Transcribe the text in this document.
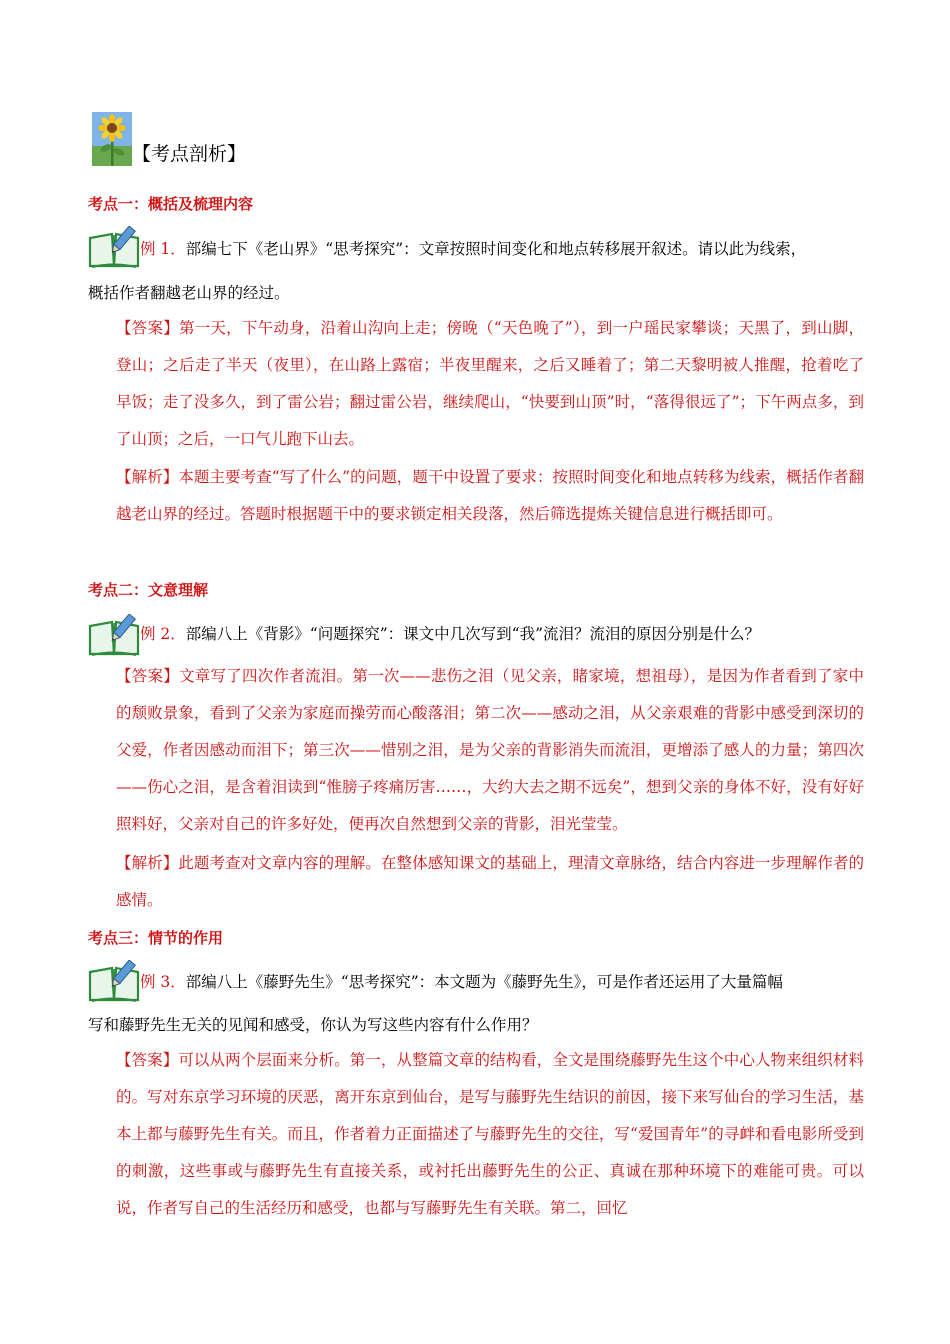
【考点剖析】
考点一：概括及梳理内容
例 1．部编七下《老山界》“思考探究”：文章按照时间变化和地点转移展开叙述。请以此为线索，
概括作者翻越老山界的经过。
【答案】第一天，下午动身，沿着山沟向上走；傍晚（“天色晚了”），到一户瑶民家攀谈；天黑了，到山脚，登山；之后走了半天（夜里），在山路上露宿；半夜里醒来，之后又睡着了；第二天黎明被人推醒，抢着吃了早饭；走了没多久，到了雷公岩；翻过雷公岩，继续爬山，“快要到山顶”时，“落得很远了”；下午两点多，到了山顶；之后，一口气儿跑下山去。
【解析】本题主要考查“写了什么”的问题，题干中设置了要求：按照时间变化和地点转移为线索，概括作者翻越老山界的经过。答题时根据题干中的要求锁定相关段落，然后筛选提炼关键信息进行概括即可。
考点二：文意理解
例 2．部编八上《背影》“问题探究”：课文中几次写到“我”流泪？流泪的原因分别是什么？
【答案】文章写了四次作者流泪。第一次——悲伤之泪（见父亲，睹家境，想祖母），是因为作者看到了家中的颓败景象，看到了父亲为家庭而操劳而心酸落泪；第二次——感动之泪，从父亲艰难的背影中感受到深切的父爱，作者因感动而泪下；第三次——惜别之泪，是为父亲的背影消失而流泪，更增添了感人的力量；第四次——伤心之泪，是含着泪读到“惟膀子疼痛厉害……，大约大去之期不远矣”，想到父亲的身体不好，没有好好照料好，父亲对自己的许多好处，便再次自然想到父亲的背影，泪光莹莹。
【解析】此题考查对文章内容的理解。在整体感知课文的基础上，理清文章脉络，结合内容进一步理解作者的感情。
考点三：情节的作用
例 3．部编八上《藤野先生》“思考探究”：本文题为《藤野先生》，可是作者还运用了大量篇幅
写和藤野先生无关的见闻和感受，你认为写这些内容有什么作用？
【答案】可以从两个层面来分析。第一，从整篇文章的结构看，全文是围绕藤野先生这个中心人物来组织材料的。写对东京学习环境的厌恶，离开东京到仙台，是写与藤野先生结识的前因，接下来写仙台的学习生活，基本上都与藤野先生有关。而且，作者着力正面描述了与藤野先生的交往，写“爱国青年”的寻衅和看电影所受到的刺激，这些事或与藤野先生有直接关系，或衬托出藤野先生的公正、真诚在那种环境下的难能可贵。可以说，作者写自己的生活经历和感受，也都与写藤野先生有关联。第二，回忆
